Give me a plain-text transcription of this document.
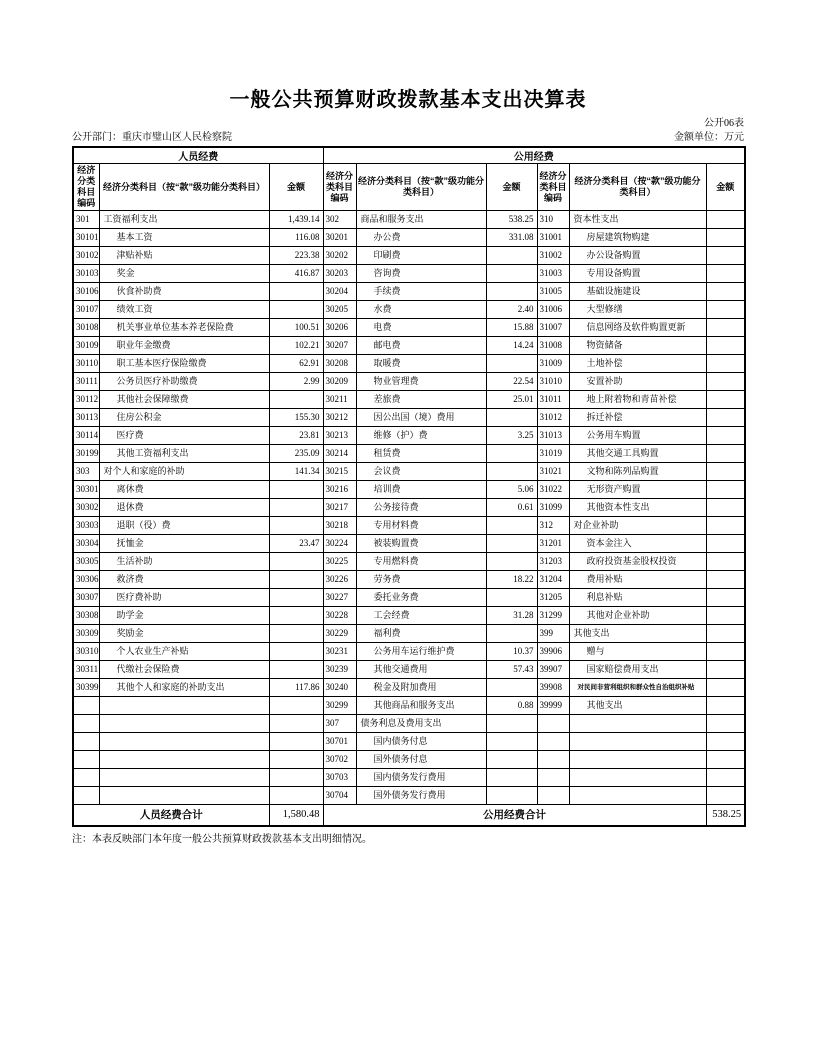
一般公共预算财政拨款基本支出决算表
公开06表
公开部门：重庆市璧山区人民检察院	金额单位：万元
人员经费			公用经费					
经济分类科目编码	经济分类科目（按“款”级功能分类科目）	金额	经济分类科目编码	经济分类科目（按“款”级功能分类科目）	金额	经济分类科目编码	经济分类科目（按“款”级功能分类科目）	金额
301	工资福利支出	1,439.14	302	商品和服务支出	538.25	310	资本性支出	
30101	基本工资	116.08	30201	办公费	331.08	31001	房屋建筑物购建	
30102	津贴补贴	223.38	30202	印刷费		31002	办公设备购置	
30103	奖金	416.87	30203	咨询费		31003	专用设备购置	
30106	伙食补助费		30204	手续费		31005	基础设施建设	
30107	绩效工资		30205	水费	2.40	31006	大型修缮	
30108	机关事业单位基本养老保险费	100.51	30206	电费	15.88	31007	信息网络及软件购置更新	
30109	职业年金缴费	102.21	30207	邮电费	14.24	31008	物资储备	
30110	职工基本医疗保险缴费	62.91	30208	取暖费		31009	土地补偿	
30111	公务员医疗补助缴费	2.99	30209	物业管理费	22.54	31010	安置补助	
30112	其他社会保障缴费		30211	差旅费	25.01	31011	地上附着物和青苗补偿	
30113	住房公积金	155.30	30212	因公出国（境）费用		31012	拆迁补偿	
30114	医疗费	23.81	30213	维修（护）费	3.25	31013	公务用车购置	
30199	其他工资福利支出	235.09	30214	租赁费		31019	其他交通工具购置	
303	对个人和家庭的补助	141.34	30215	会议费		31021	文物和陈列品购置	
30301	离休费		30216	培训费	5.06	31022	无形资产购置	
30302	退休费		30217	公务接待费	0.61	31099	其他资本性支出	
30303	退职（役）费		30218	专用材料费		312	对企业补助	
30304	抚恤金	23.47	30224	被装购置费		31201	资本金注入	
30305	生活补助		30225	专用燃料费		31203	政府投资基金股权投资	
30306	救济费		30226	劳务费	18.22	31204	费用补贴	
30307	医疗费补助		30227	委托业务费		31205	利息补贴	
30308	助学金		30228	工会经费	31.28	31299	其他对企业补助	
30309	奖励金		30229	福利费		399	其他支出	
30310	个人农业生产补贴		30231	公务用车运行维护费	10.37	39906	赠与	
30311	代缴社会保险费		30239	其他交通费用	57.43	39907	国家赔偿费用支出	
30399	其他个人和家庭的补助支出	117.86	30240	税金及附加费用		39908	对民间非营利组织和群众性自治组织补贴	
			30299	其他商品和服务支出	0.88	39999	其他支出	
			307	债务利息及费用支出				
			30701	国内债务付息				
			30702	国外债务付息				
			30703	国内债务发行费用				
			30704	国外债务发行费用				
人员经费合计		1,580.48	公用经费合计					538.25
注：本表反映部门本年度一般公共预算财政拨款基本支出明细情况。
